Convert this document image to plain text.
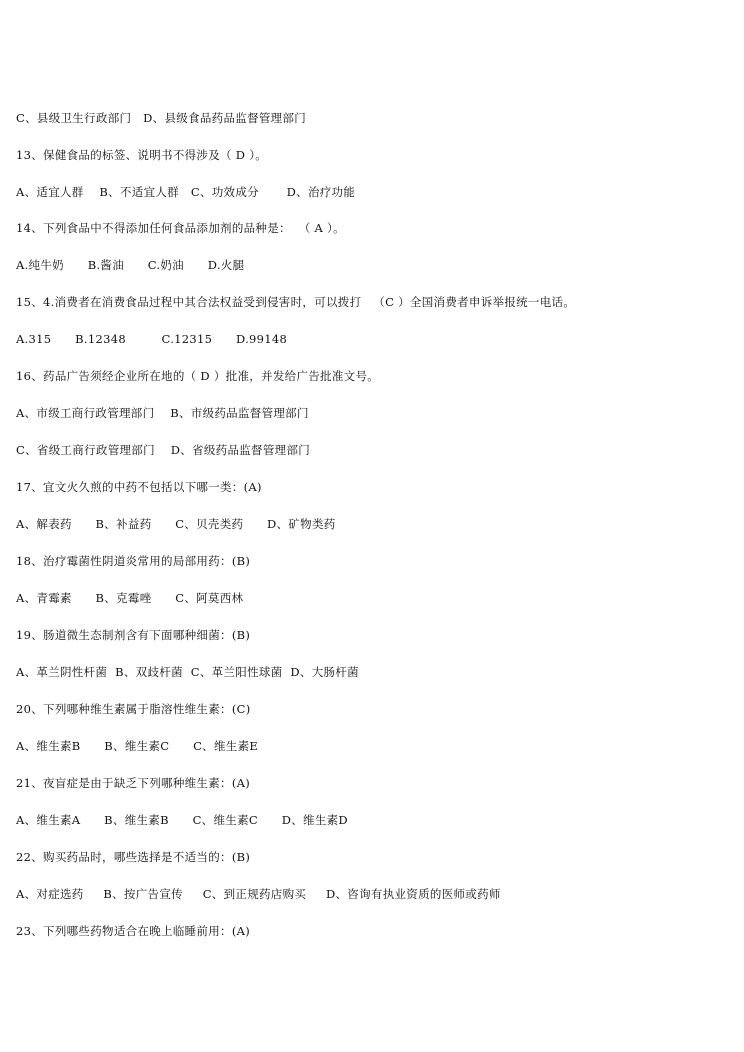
C、县级卫生行政部门   D、县级食品药品监督管理部门
13、保健食品的标签、说明书不得涉及（ D ）。
A、适宜人群    B、不适宜人群   C、功效成分       D、治疗功能
14、下列食品中不得添加任何食品添加剂的品种是：  （ A ）。
A.纯牛奶      B.酱油      C.奶油      D.火腿
15、4.消费者在消费食品过程中其合法权益受到侵害时，可以拨打   （C ）全国消费者申诉举报统一电话。
A.315      B.12348         C.12315      D.99148
16、药品广告须经企业所在地的（ D ）批准，并发给广告批准文号。
A、市级工商行政管理部门    B、市级药品监督管理部门
C、省级工商行政管理部门    D、省级药品监督管理部门
17、宜文火久煎的中药不包括以下哪一类：(A)
A、解表药      B、补益药      C、贝壳类药      D、矿物类药
18、治疗霉菌性阴道炎常用的局部用药：(B)
A、青霉素      B、克霉唑      C、阿莫西林
19、肠道微生态制剂含有下面哪种细菌：(B)
A、革兰阴性杆菌  B、双歧杆菌  C、革兰阳性球菌  D、大肠杆菌
20、下列哪种维生素属于脂溶性维生素：(C)
A、维生素B      B、维生素C      C、维生素E
21、夜盲症是由于缺乏下列哪种维生素：(A)
A、维生素A      B、维生素B      C、维生素C      D、维生素D
22、购买药品时，哪些选择是不适当的：(B)
A、对症选药     B、按广告宣传     C、到正规药店购买     D、咨询有执业资质的医师或药师
23、下列哪些药物适合在晚上临睡前用：(A)
